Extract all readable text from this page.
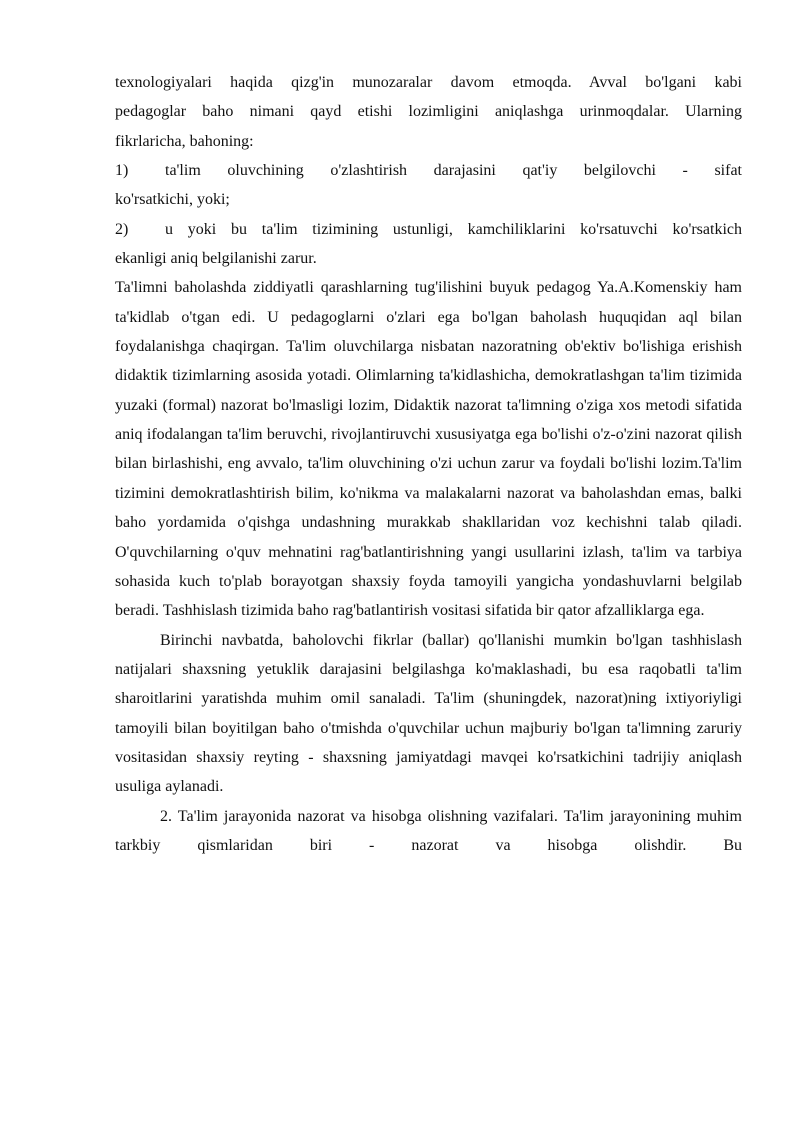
texnologiyalari haqida qizg'in munozaralar davom etmoqda. Avval bo'lgani kabi

pedagoglar baho nimani qayd etishi lozimligini aniqlashga urinmoqdalar. Ularning

fikrlaricha, bahoning:

1)	ta'lim oluvchining o'zlashtirish darajasini qat'iy belgilovchi - sifat

ko'rsatkichi, yoki;

2)	u yoki bu ta'lim tizimining ustunligi, kamchiliklarini ko'rsatuvchi ko'rsatkich

ekanligi aniq belgilanishi zarur.

Ta'limni baholashda ziddiyatli qarashlarning tug'ilishini buyuk pedagog Ya.A.Komenskiy ham ta'kidlab o'tgan edi. U pedagoglarni o'zlari ega bo'lgan baholash huquqidan aql bilan foydalanishga chaqirgan. Ta'lim oluvchilarga nisbatan nazoratning ob'ektiv bo'lishiga erishish didaktik tizimlarning asosida yotadi. Olimlarning ta'kidlashicha, demokratlashgan ta'lim tizimida yuzaki (formal) nazorat bo'lmasligi lozim, Didaktik nazorat ta'limning o'ziga xos metodi sifatida aniq ifodalangan ta'lim beruvchi, rivojlantiruvchi xususiyatga ega bo'lishi o'z-o'zini nazorat qilish bilan birlashishi, eng avvalo, ta'lim oluvchining o'zi uchun zarur va foydali bo'lishi lozim.Ta'lim tizimini demokratlashtirish bilim, ko'nikma va malakalarni nazorat va baholashdan emas, balki baho yordamida o'qishga undashning murakkab shakllaridan voz kechishni talab qiladi. O'quvchilarning o'quv mehnatini rag'batlantirishning yangi usullarini izlash, ta'lim va tarbiya sohasida kuch to'plab borayotgan shaxsiy foyda tamoyili yangicha yondashuvlarni belgilab beradi. Tashhislash tizimida baho rag'batlantirish vositasi sifatida bir qator afzalliklarga ega.

Birinchi navbatda, baholovchi fikrlar (ballar) qo'llanishi mumkin bo'lgan tashhislash natijalari shaxsning yetuklik darajasini belgilashga ko'maklashadi, bu esa raqobatli ta'lim sharoitlarini yaratishda muhim omil sanaladi. Ta'lim (shuningdek, nazorat)ning ixtiyoriyligi tamoyili bilan boyitilgan baho o'tmishda o'quvchilar uchun majburiy bo'lgan ta'limning zaruriy vositasidan shaxsiy reyting - shaxsning jamiyatdagi mavqei ko'rsatkichini tadrijiy aniqlash usuliga aylanadi.

2. Ta'lim jarayonida nazorat va hisobga olishning vazifalari. Ta'lim jarayonining muhim tarkbiy qismlaridan biri - nazorat va hisobga olishdir. Bu
